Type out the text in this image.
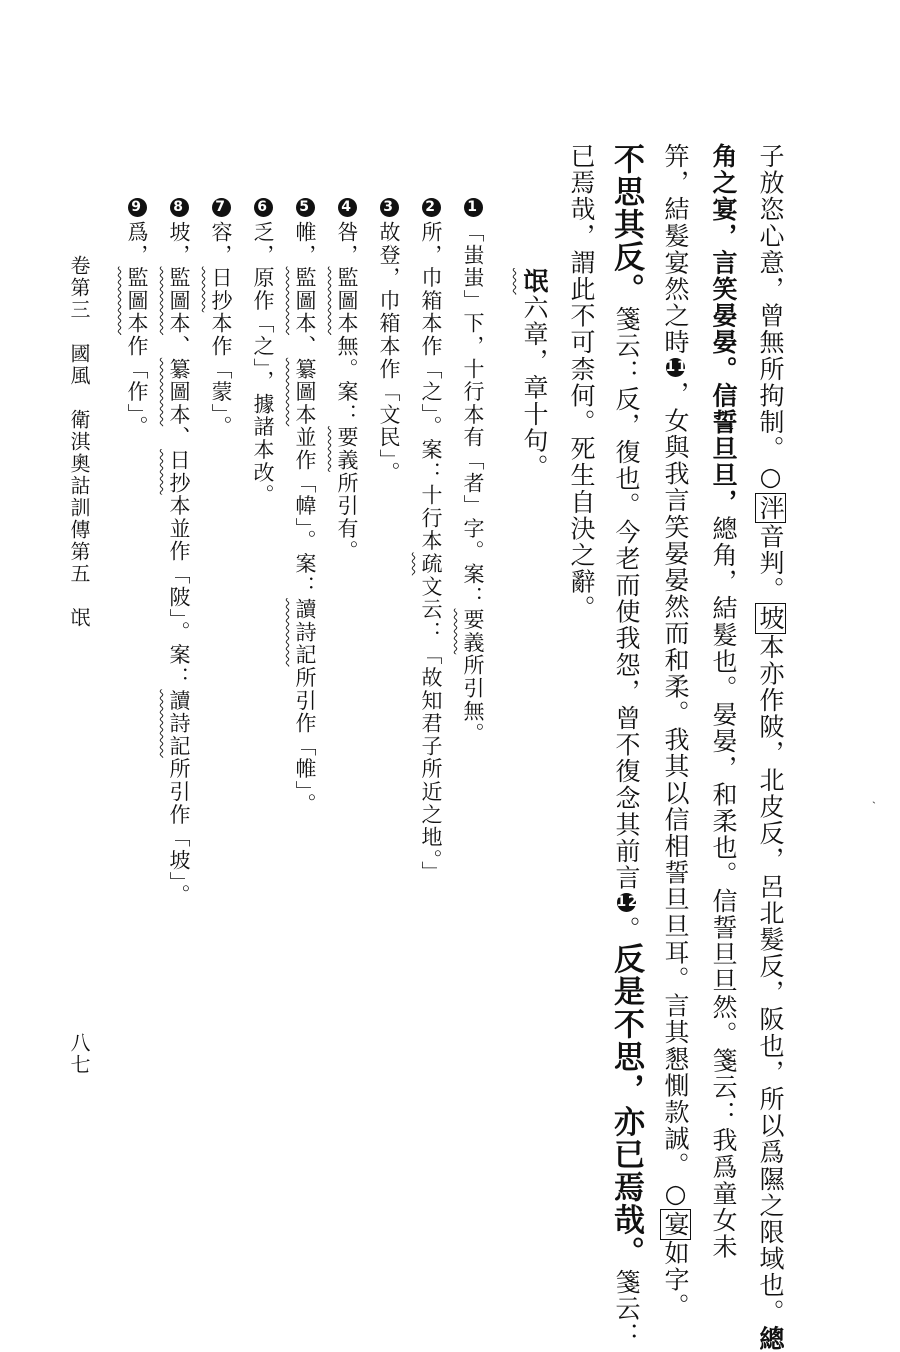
子放恣心意，曾無所拘制。○泮音判。坡本亦作陂，北皮反，呂北髮反，阪也，所以爲隰之限域也。總
角之宴，言笑晏晏。信誓旦旦，總角，結髮也。晏晏，和柔也。信誓旦旦然。箋云：我爲童女未
笄，結髮宴然之時11，女與我言笑晏晏然而和柔。我其以信相誓旦旦耳。言其懇惻款誠。○宴如字。
不思其反。箋云：反，復也。今老而使我怨，曾不復念其前言12。反是不思，亦已焉哉。箋云：
已焉哉，謂此不可柰何。死生自決之辭。
氓六章，章十句。
1「蚩蚩」下，十行本有「者」字。案：要義所引無。
2所，巾箱本作「之」。案：十行本疏文云：「故知君子所近之地。」
3故登，巾箱本作「文民」。
4咎，監圖本無。案：要義所引有。
5帷，監圖本、纂圖本並作「幃」。案：讀詩記所引作「帷」。
6乏，原作「之」，據諸本改。
7容，日抄本作「蒙」。
8坡，監圖本、纂圖本、日抄本並作「陂」。案：讀詩記所引作「坡」。
9爲，監圖本作「作」。
卷第三　國風　衛淇奧詁訓傳第五　氓
八七
ˏ
